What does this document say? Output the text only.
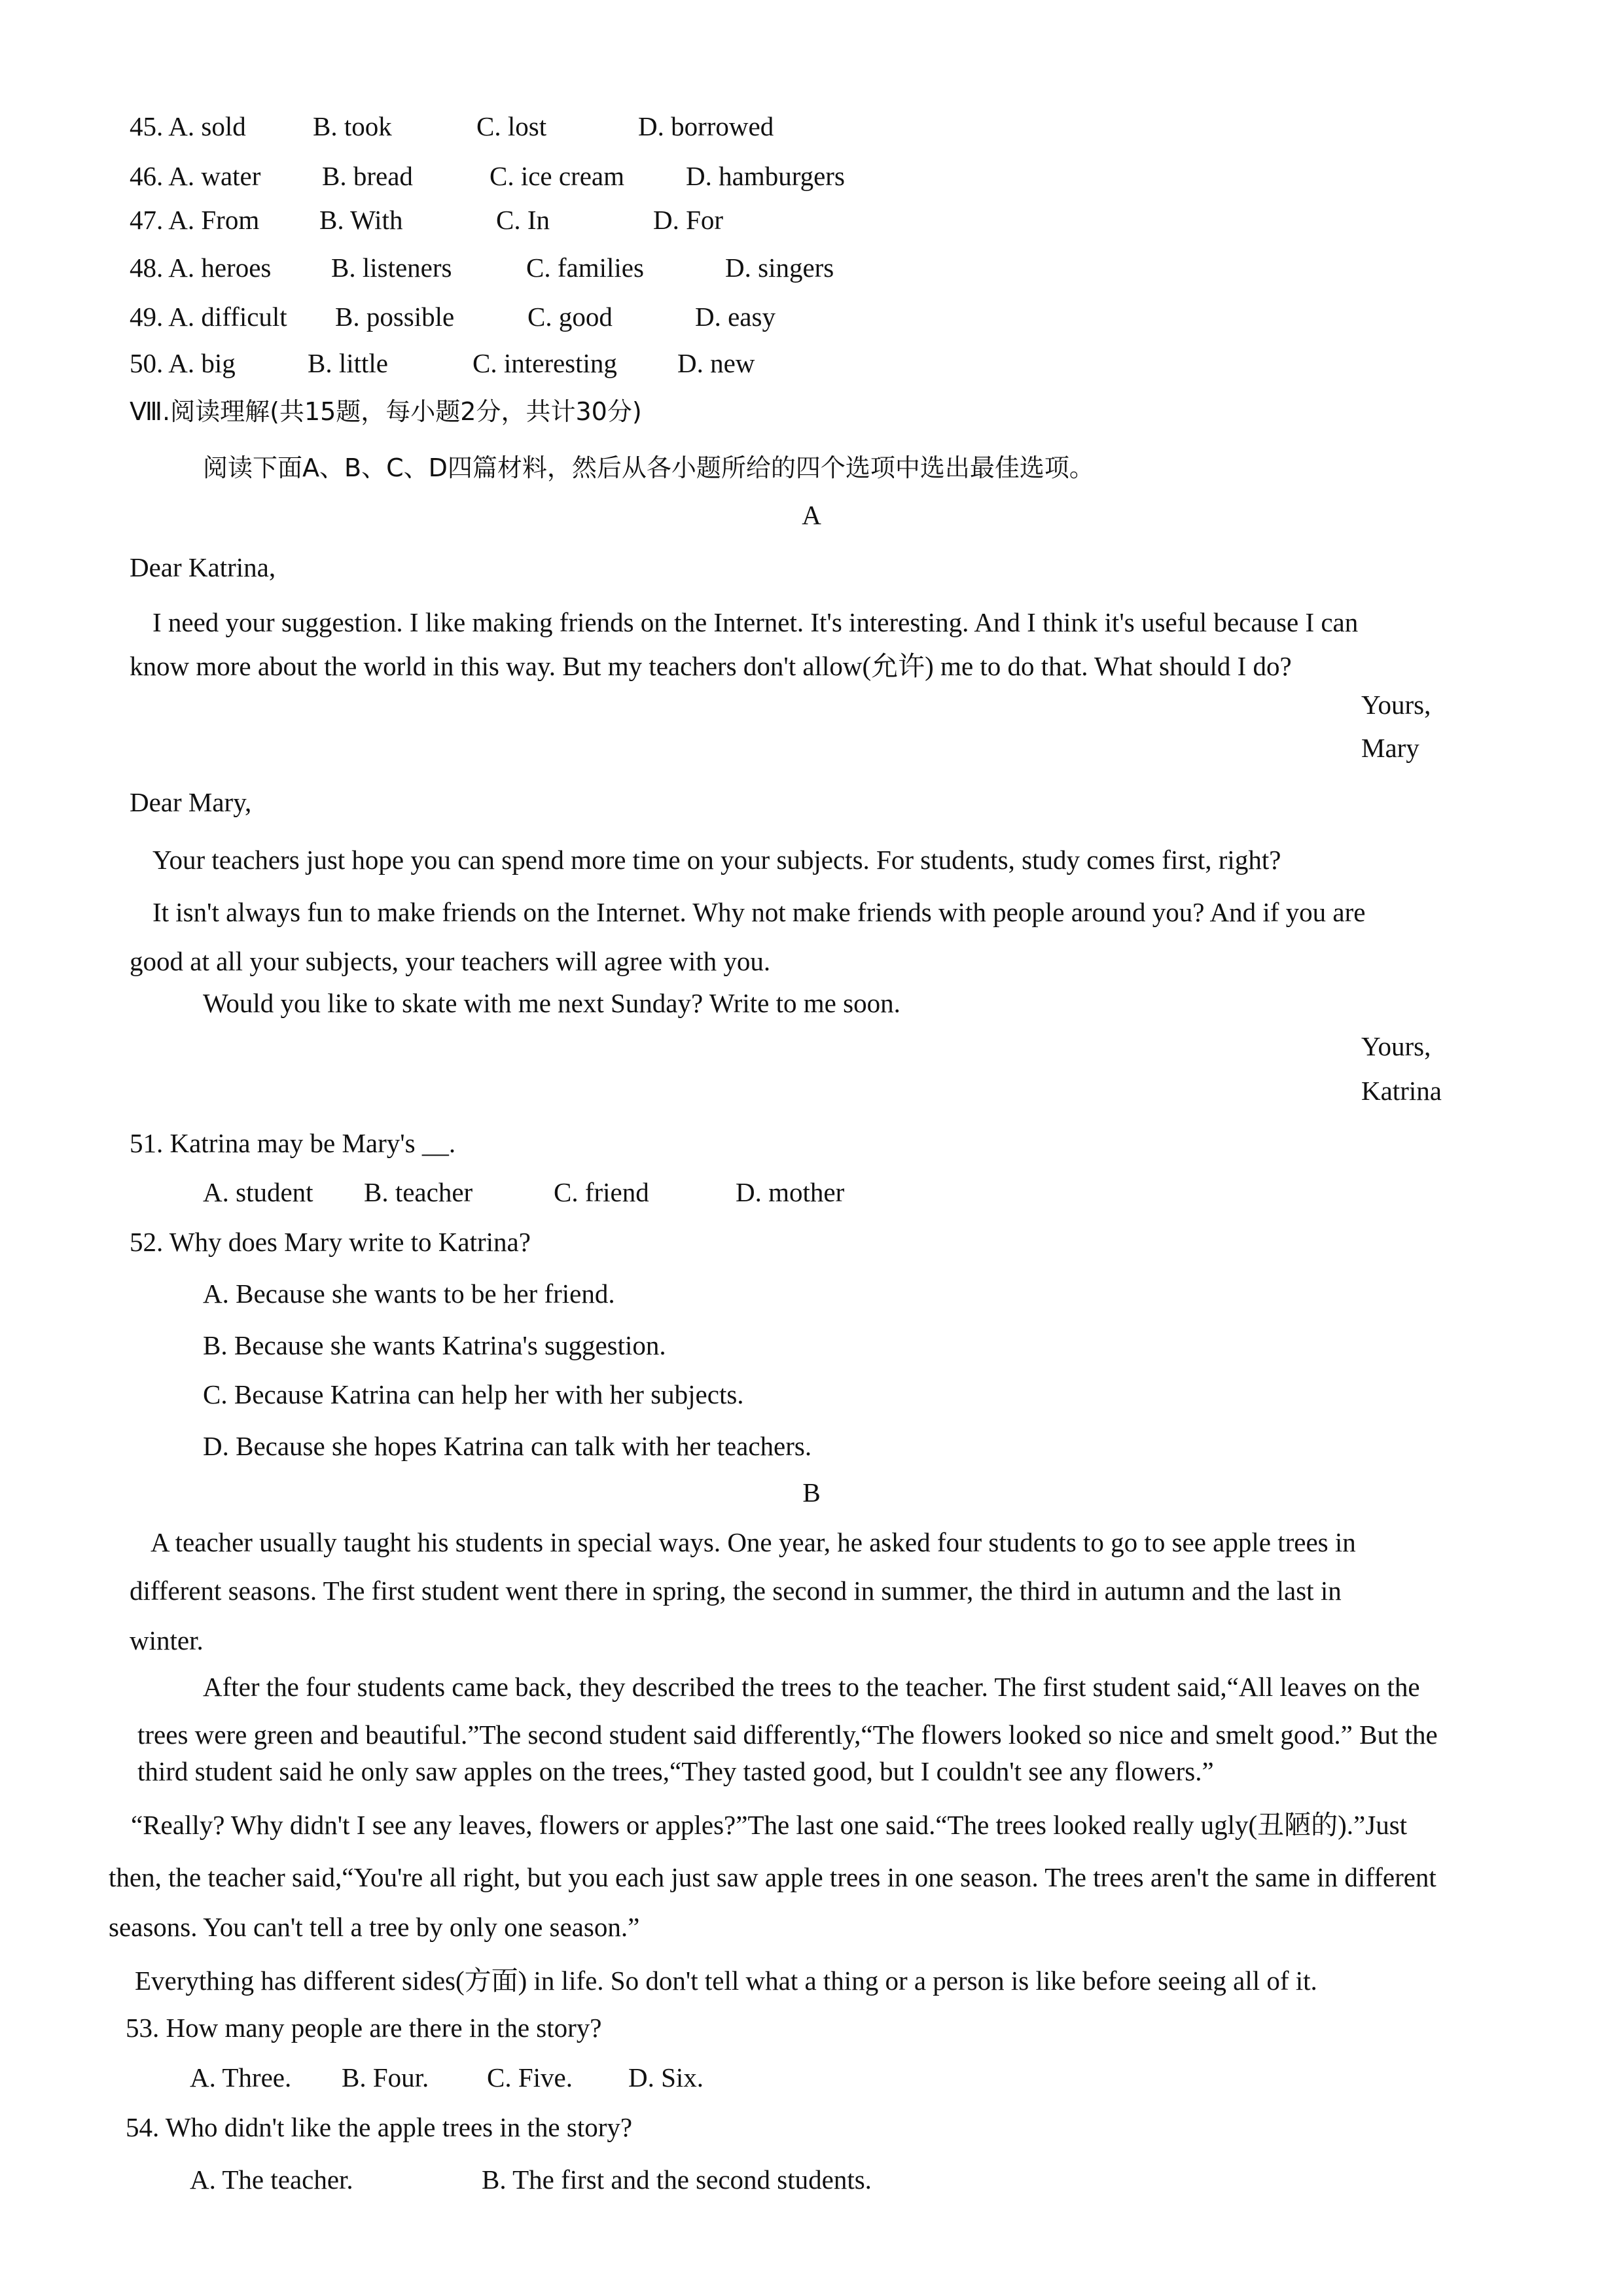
45. A. sold B. took	C. lost	D. borrowed
46. A. water B. bread	C. ice cream D. hamburgers
47. A. From B. With	C. In	D. For
48. A. heroes B. listeners	C. families	D. singers
49. A. difficult B. possible	C. good	D. easy
50. A. big	B. little	C. interesting D. new
Ⅷ.阅读理解(共15题，每小题2分，共计30分)
阅读下面A、B、C、D四篇材料，然后从各小题所给的四个选项中选出最佳选项。
A
Dear Katrina,
I need your suggestion. I like making friends on the Internet. It's interesting. And I think it's useful because I can
know more about the world in this way. But my teachers don't allow(允许) me to do that. What should I do?
Yours,
Mary
Dear Mary,
Your teachers just hope you can spend more time on your subjects. For students, study comes first, right?
It isn't always fun to make friends on the Internet. Why not make friends with people around you? And if you are
good at all your subjects, your teachers will agree with you.
Would you like to skate with me next Sunday? Write to me soon.
Yours,
Katrina
51. Katrina may be Mary's __.
A. student B. teacher	C. friend	D. mother
52. Why does Mary write to Katrina?
A. Because she wants to be her friend.
B. Because she wants Katrina's suggestion.
C. Because Katrina can help her with her subjects.
D. Because she hopes Katrina can talk with her teachers.
B
A teacher usually taught his students in special ways. One year, he asked four students to go to see apple trees in
different seasons. The first student went there in spring, the second in summer, the third in autumn and the last in
winter.
After the four students came back, they described the trees to the teacher. The first student said,“All leaves on the
trees were green and beautiful.”The second student said differently,“The flowers looked so nice and smelt good.” But the
third student said he only saw apples on the trees,“They tasted good, but I couldn't see any flowers.”
“Really? Why didn't I see any leaves, flowers or apples?”The last one said.“The trees looked really ugly(丑陋的).”Just
then, the teacher said,“You're all right, but you each just saw apple trees in one season. The trees aren't the same in different
seasons. You can't tell a tree by only one season.”
Everything has different sides(方面) in life. So don't tell what a thing or a person is like before seeing all of it.
53. How many people are there in the story?
A. Three. B. Four. C. Five. D. Six.
54. Who didn't like the apple trees in the story?
A. The teacher.	B. The first and the second students.
